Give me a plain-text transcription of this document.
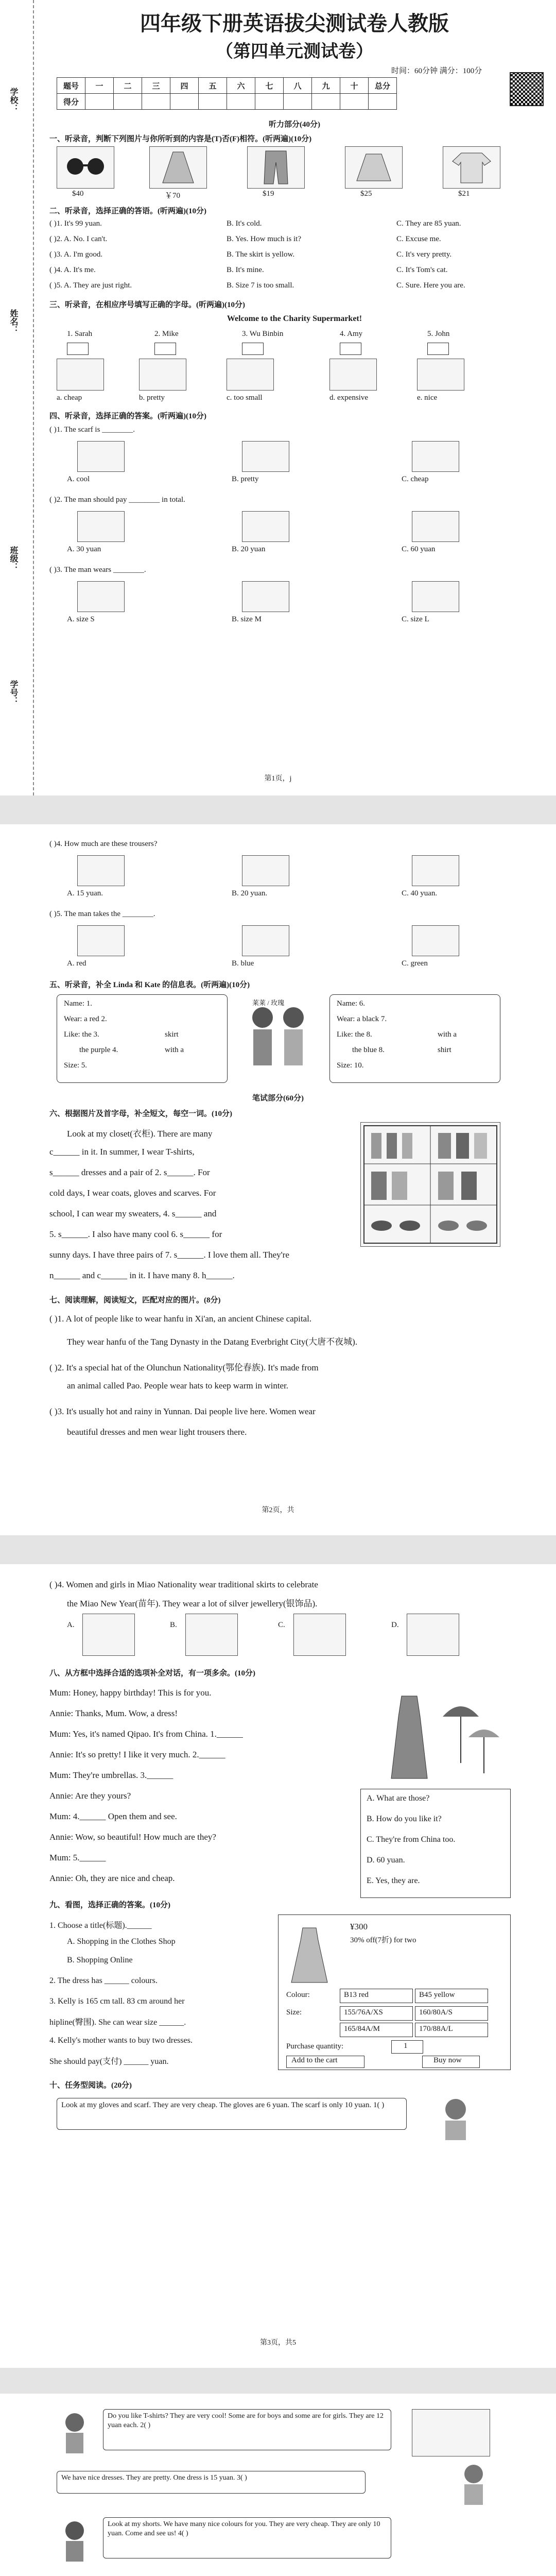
学校：
姓名：
班级：
学号：
四年级下册英语拔尖测试卷人教版
（第四单元测试卷）
时间：60分钟 满分：100分
题号	一	二	三	四	五	六	七	八	九	十	总分
得分											
听力部分(40分)
一、听录音，判断下列图片与你所听到的内容是(T)否(F)相符。(听两遍)(10分)
$40	￥70	$19	$25	$21
二、听录音，选择正确的答语。(听两遍)(10分)
( )1. It's 99 yuan.	B. It's cold.	C. They are 85 yuan.
( )2. A. No. I can't.	B. Yes. How much is it?	C. Excuse me.
( )3. A. I'm good.	B. The skirt is yellow.	C. It's very pretty.
( )4. A. It's me.	B. It's mine.	C. It's Tom's cat.
( )5. A. They are just right.	B. Size 7 is too small.	C. Sure. Here you are.
三、听录音，在相应序号填写正确的字母。(听两遍)(10分)
Welcome to the Charity Supermarket!
1. Sarah	2. Mike	3. Wu Binbin	4. Amy	5. John
a. cheap	b. pretty	c. too small	d. expensive	e. nice
四、听录音，选择正确的答案。(听两遍)(10分)
( )1. The scarf is ________.
A. cool	B. pretty	C. cheap
( )2. The man should pay ________ in total.
A. 30 yuan	B. 20 yuan	C. 60 yuan
( )3. The man wears ________.
A. size S	B. size M	C. size L
第1页，j
( )4. How much are these trousers?
A. 15 yuan.	B. 20 yuan.	C. 40 yuan.
( )5. The man takes the ________.
A. red	B. blue	C. green
五、听录音，补全 Linda 和 Kate 的信息表。(听两遍)(10分)
Name: 1.
Wear: a red 2.
Like: the 3.	skirt
the purple 4.	with a
Size: 5.
莱莱 / 玫瑰	Name: 6.
Wear: a black 7.
Like: the 8.	with a
the blue 8.	shirt
Size: 10.
笔试部分(60分)
六、根据图片及首字母，补全短文，每空一词。(10分)
Look at my closet(衣柜). There are many
c______ in it. In summer, I wear T-shirts,
s______ dresses and a pair of 2. s______. For
cold days, I wear coats, gloves and scarves. For
school, I can wear my sweaters, 4. s______ and
5. s______. I also have many cool 6. s______ for
sunny days. I have three pairs of 7. s______. I love them all. They're
n______ and c______ in it. I have many 8. h______.
七、阅读理解，阅读短文，匹配对应的图片。(8分)
( )1. A lot of people like to wear hanfu in Xi'an, an ancient Chinese capital.
They wear hanfu of the Tang Dynasty in the Datang Everbright City(大唐不夜城).
( )2. It's a special hat of the Olunchun Nationality(鄂伦春族). It's made from
an animal called Pao. People wear hats to keep warm in winter.
( )3. It's usually hot and rainy in Yunnan. Dai people live here. Women wear
beautiful dresses and men wear light trousers there.
第2页，共
( )4. Women and girls in Miao Nationality wear traditional skirts to celebrate
the Miao New Year(苗年). They wear a lot of silver jewellery(银饰品).
A.	B.	C.	D.
八、从方框中选择合适的选项补全对话，有一项多余。(10分)
Mum: Honey, happy birthday! This is for you.
Annie: Thanks, Mum. Wow, a dress!
Mum: Yes, it's named Qipao. It's from China. 1.______
Annie: It's so pretty! I like it very much. 2.______
Mum: They're umbrellas. 3.______
Annie: Are they yours?
Mum: 4.______ Open them and see.
Annie: Wow, so beautiful! How much are they?
Mum: 5.______
Annie: Oh, they are nice and cheap.
A. What are those?
B. How do you like it?
C. They're from China too.
D. 60 yuan.
E. Yes, they are.
九、看图，选择正确的答案。(10分)
1. Choose a title(标题).______
A. Shopping in the Clothes Shop
B. Shopping Online
2. The dress has ______ colours.
3. Kelly is 165 cm tall. 83 cm around her
hipline(臀围). She can wear size ______.
4. Kelly's mother wants to buy two dresses.
She should pay(支付) ______ yuan.
¥300
30% off(7折) for two
Colour:	B13 red	B45 yellow
Size:	155/76A/XS	160/80A/S
165/84A/M	170/88A/L
Purchase quantity:	1
Add to the cart	Buy now
十、任务型阅读。(20分)
Look at my gloves and scarf. They are very cheap. The gloves are 6 yuan. The scarf is only 10 yuan. 1( )
第3页，共5
Do you like T-shirts? They are very cool! Some are for boys and some are for girls. They are 12 yuan each. 2( )
We have nice dresses. They are pretty. One dress is 15 yuan. 3( )
Look at my shorts. We have many nice colours for you. They are very cheap. They are only 10 yuan. Come and see us! 4( )
